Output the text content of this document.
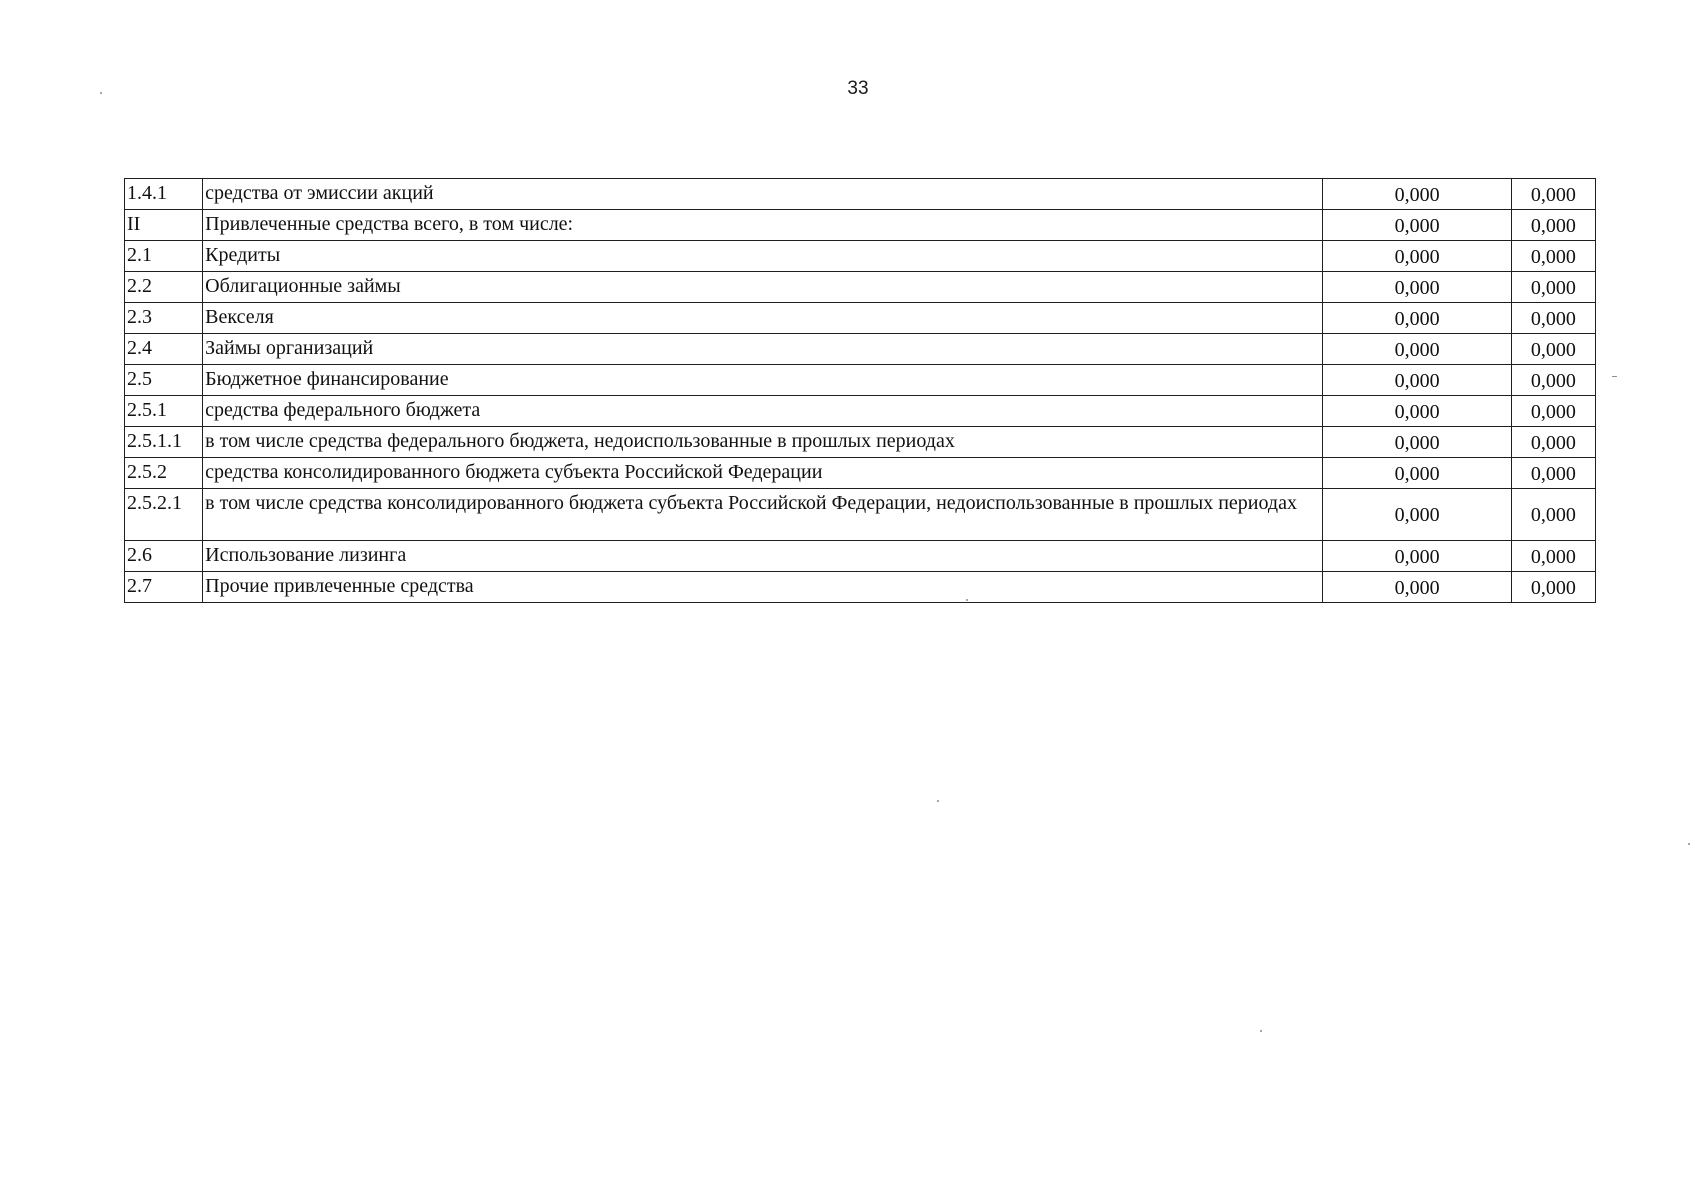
33
1.4.1	средства от эмиссии акций	0,000	0,000
II	Привлеченные средства всего, в том числе:	0,000	0,000
2.1	Кредиты	0,000	0,000
2.2	Облигационные займы	0,000	0,000
2.3	Векселя	0,000	0,000
2.4	Займы организаций	0,000	0,000
2.5	Бюджетное финансирование	0,000	0,000
2.5.1	средства федерального бюджета	0,000	0,000
2.5.1.1	в том числе средства федерального бюджета, недоиспользованные в прошлых периодах	0,000	0,000
2.5.2	средства консолидированного бюджета субъекта Российской Федерации	0,000	0,000
2.5.2.1	в том числе средства консолидированного бюджета субъекта Российской Федерации, недоиспользованные в прошлых периодах	0,000	0,000
2.6	Использование лизинга	0,000	0,000
2.7	Прочие привлеченные средства	0,000	0,000
